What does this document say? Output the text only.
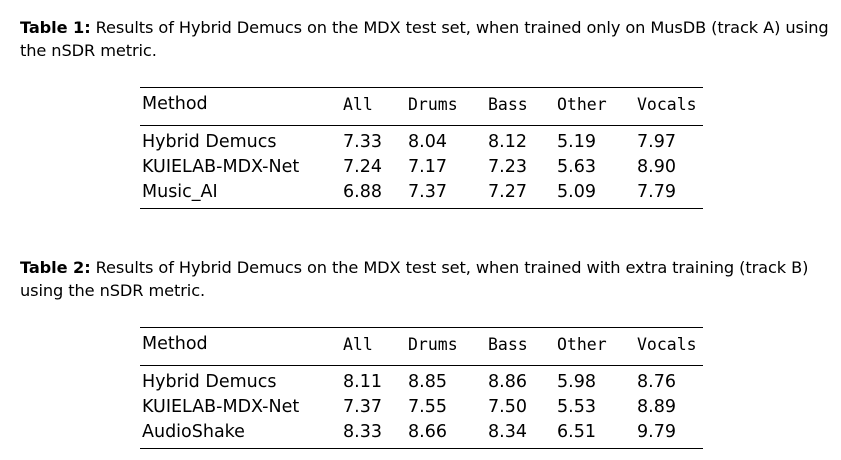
Table 1: Results of Hybrid Demucs on the MDX test set, when trained only on MusDB (track A) using the nSDR metric.

Method	All	Drums	Bass	Other	Vocals
Hybrid Demucs	7.33	8.04	8.12	5.19	7.97
KUIELAB-MDX-Net	7.24	7.17	7.23	5.63	8.90
Music_AI	6.88	7.37	7.27	5.09	7.79

Table 2: Results of Hybrid Demucs on the MDX test set, when trained with extra training (track B) using the nSDR metric.

Method	All	Drums	Bass	Other	Vocals
Hybrid Demucs	8.11	8.85	8.86	5.98	8.76
KUIELAB-MDX-Net	7.37	7.55	7.50	5.53	8.89
AudioShake	8.33	8.66	8.34	6.51	9.79
